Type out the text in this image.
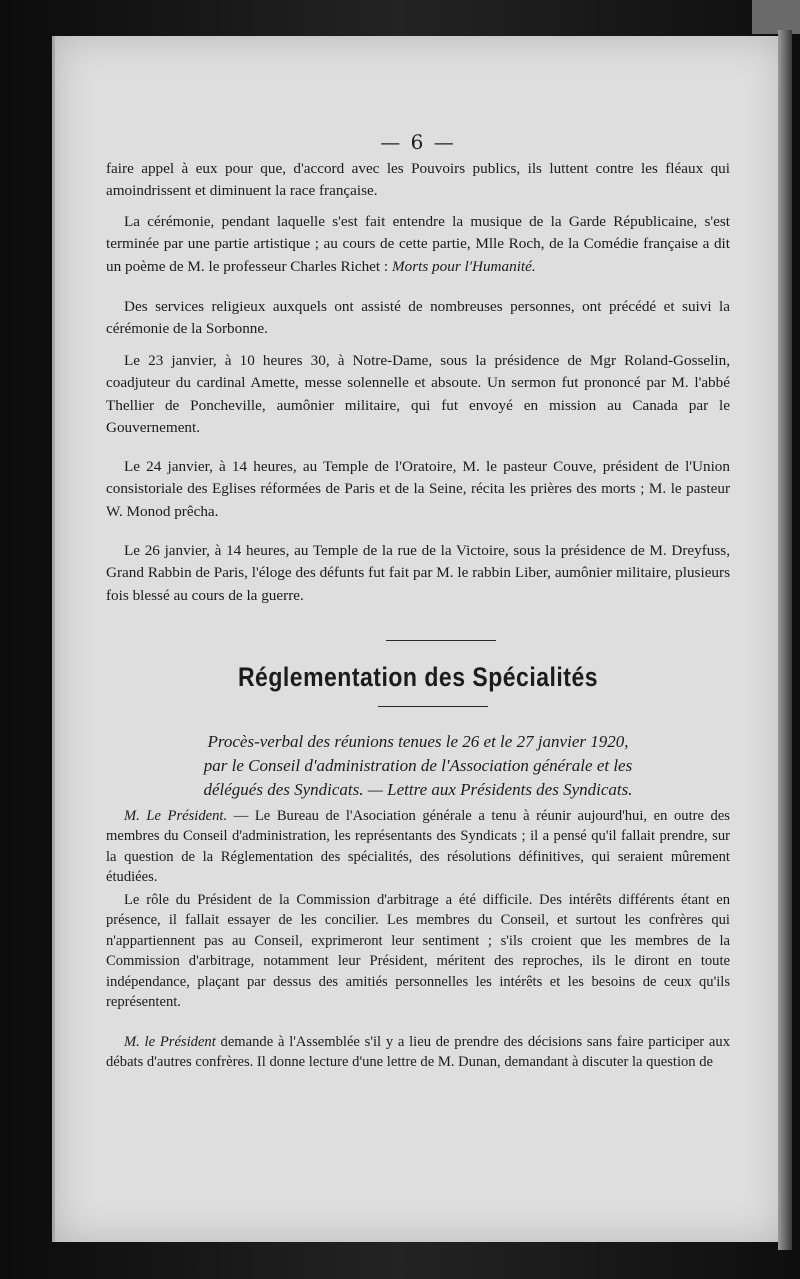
— 6 —

faire appel à eux pour que, d'accord avec les Pouvoirs publics, ils luttent contre les fléaux qui amoindrissent et diminuent la race française.

La cérémonie, pendant laquelle s'est fait entendre la musique de la Garde Républicaine, s'est terminée par une partie artistique ; au cours de cette partie, Mlle Roch, de la Comédie française a dit un poème de M. le professeur Charles Richet : Morts pour l'Humanité.

Des services religieux auxquels ont assisté de nombreuses personnes, ont précédé et suivi la cérémonie de la Sorbonne.

Le 23 janvier, à 10 heures 30, à Notre-Dame, sous la présidence de Mgr Roland-Gosselin, coadjuteur du cardinal Amette, messe solennelle et absoute. Un sermon fut prononcé par M. l'abbé Thellier de Poncheville, aumônier militaire, qui fut envoyé en mission au Canada par le Gouvernement.

Le 24 janvier, à 14 heures, au Temple de l'Oratoire, M. le pasteur Couve, président de l'Union consistoriale des Eglises réformées de Paris et de la Seine, récita les prières des morts ; M. le pasteur W. Monod prêcha.

Le 26 janvier, à 14 heures, au Temple de la rue de la Victoire, sous la présidence de M. Dreyfuss, Grand Rabbin de Paris, l'éloge des défunts fut fait par M. le rabbin Liber, aumônier militaire, plusieurs fois blessé au cours de la guerre.

Réglementation des Spécialités
Procès-verbal des réunions tenues le 26 et le 27 janvier 1920,
par le Conseil d'administration de l'Association générale et les
délégués des Syndicats. — Lettre aux Présidents des Syndicats.

M. Le Président. — Le Bureau de l'Asociation générale a tenu à réunir aujourd'hui, en outre des membres du Conseil d'administration, les représentants des Syndicats ; il a pensé qu'il fallait prendre, sur la question de la Réglementation des spécialités, des résolutions définitives, qui seraient mûrement étudiées.

Le rôle du Président de la Commission d'arbitrage a été difficile. Des intérêts différents étant en présence, il fallait essayer de les concilier. Les membres du Conseil, et surtout les confrères qui n'appartiennent pas au Conseil, exprimeront leur sentiment ; s'ils croient que les membres de la Commission d'arbitrage, notamment leur Président, méritent des reproches, ils le diront en toute indépendance, plaçant par dessus des amitiés personnelles les intérêts et les besoins de ceux qu'ils représentent.

M. le Président demande à l'Assemblée s'il y a lieu de prendre des décisions sans faire participer aux débats d'autres confrères. Il donne lecture d'une lettre de M. Dunan, demandant à discuter la question de
